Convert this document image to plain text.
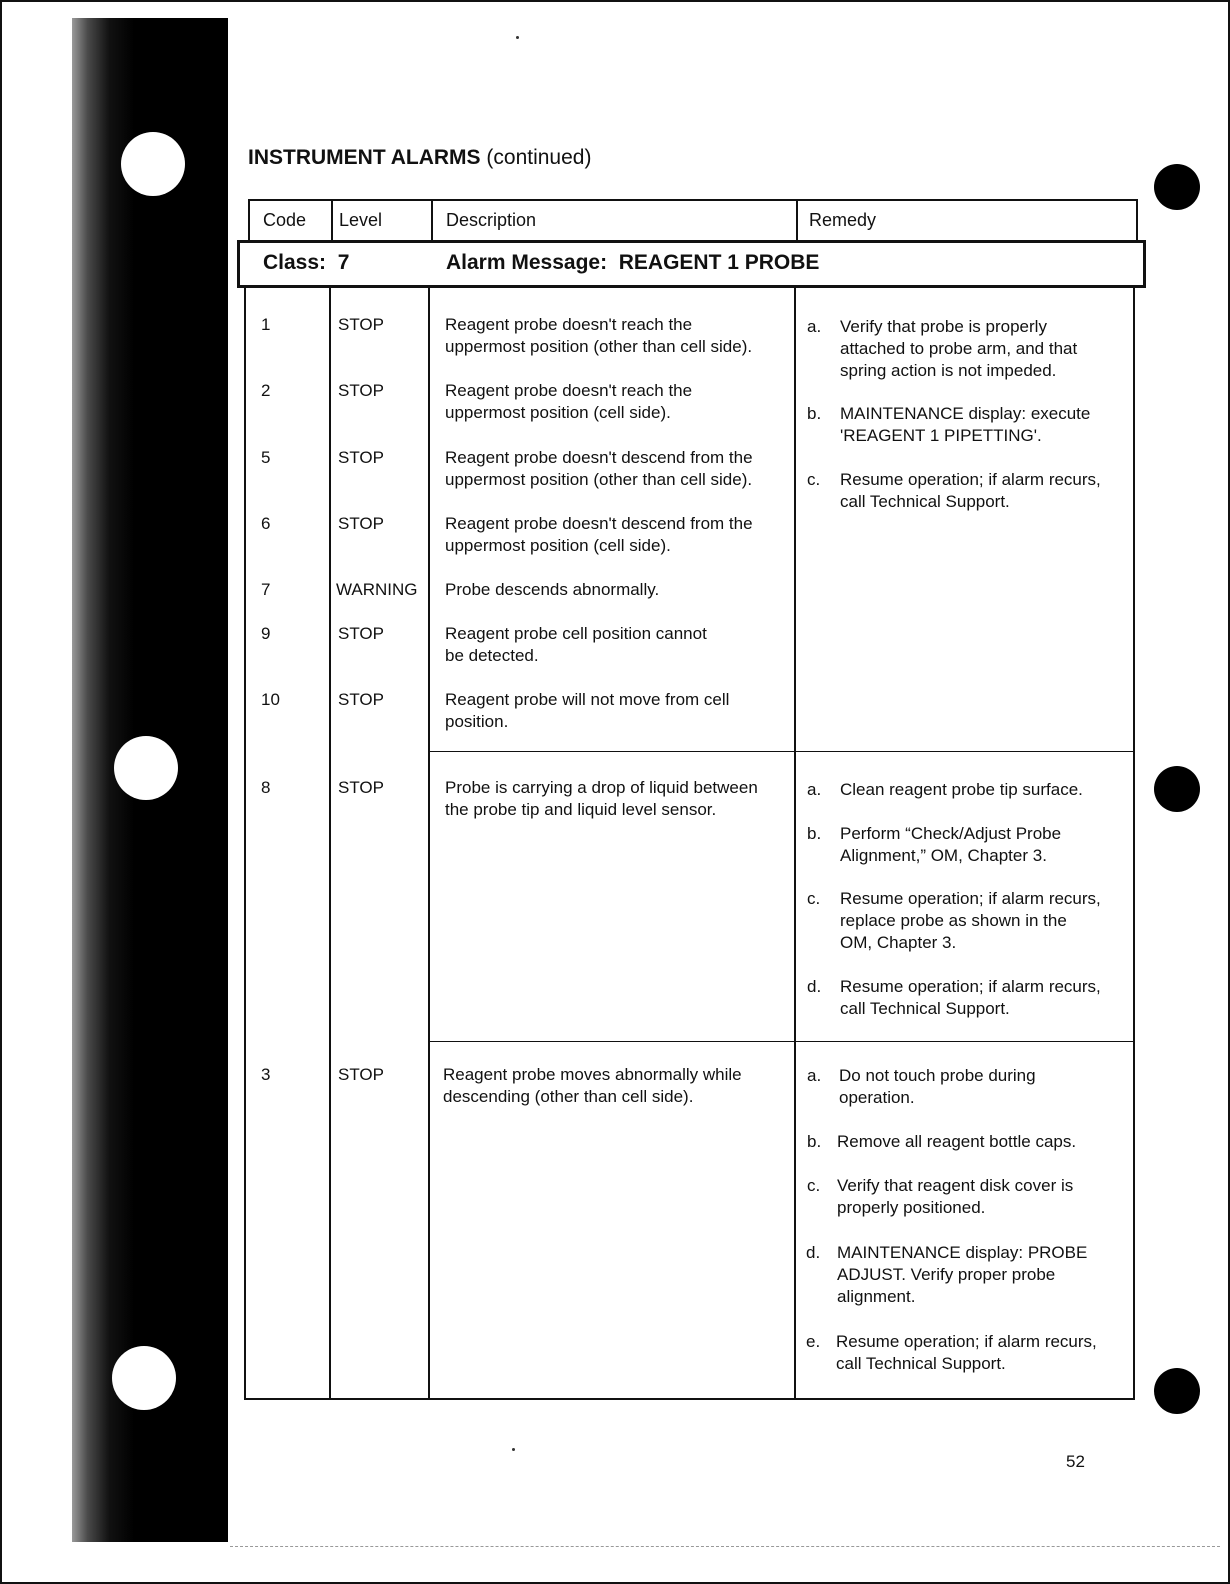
INSTRUMENT ALARMS (continued)
Code Level	Description	Remedy
Class:  7	Alarm Message:  REAGENT 1 PROBE
1	STOP	Reagent probe doesn't reach the
uppermost position (other than cell side).
2	STOP	Reagent probe doesn't reach the
uppermost position (cell side).
5	STOP	Reagent probe doesn't descend from the
uppermost position (other than cell side).
6	STOP	Reagent probe doesn't descend from the
uppermost position (cell side).
7	WARNING Probe descends abnormally.
9	STOP	Reagent probe cell position cannot
be detected.
10	STOP	Reagent probe will not move from cell
position.
a. Verify that probe is properly
attached to probe arm, and that
spring action is not impeded.
b. MAINTENANCE display: execute
'REAGENT 1 PIPETTING'.
c. Resume operation; if alarm recurs,
call Technical Support.
8	STOP	Probe is carrying a drop of liquid between
the probe tip and liquid level sensor.
a. Clean reagent probe tip surface.
b. Perform “Check/Adjust Probe
Alignment,” OM, Chapter 3.
c. Resume operation; if alarm recurs,
replace probe as shown in the
OM, Chapter 3.
d. Resume operation; if alarm recurs,
call Technical Support.
3	STOP	Reagent probe moves abnormally while
descending (other than cell side).
a. Do not touch probe during
operation.
b. Remove all reagent bottle caps.
c. Verify that reagent disk cover is
properly positioned.
d. MAINTENANCE display: PROBE
ADJUST. Verify proper probe
alignment.
e. Resume operation; if alarm recurs,
call Technical Support.
52
